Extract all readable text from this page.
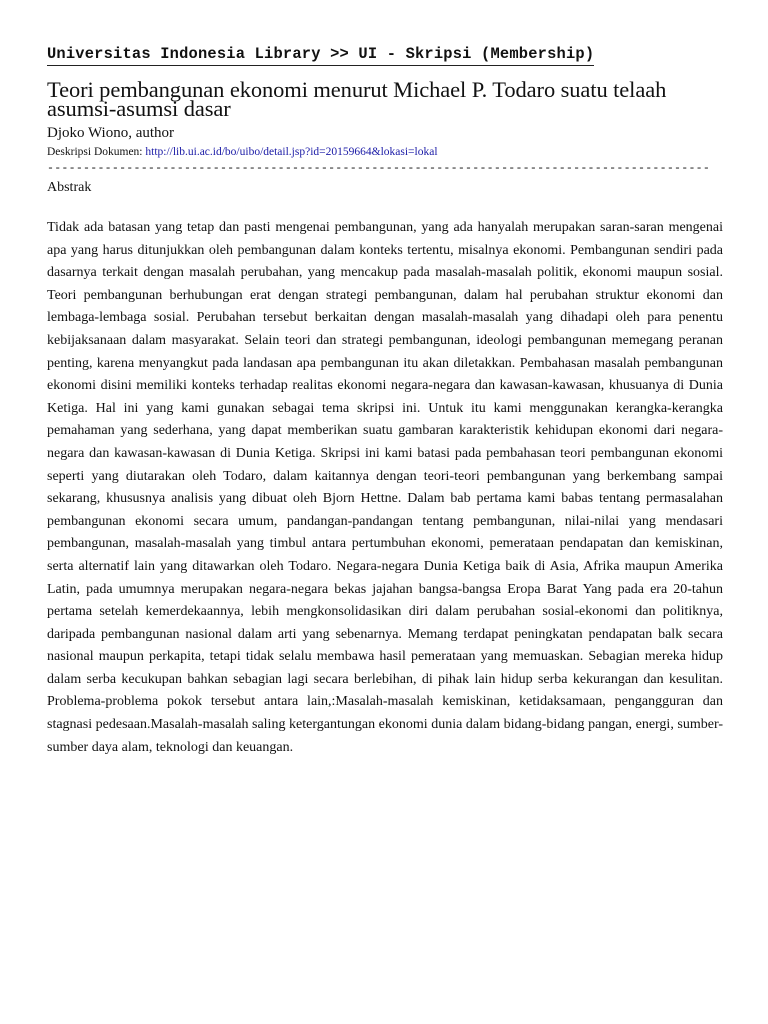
Universitas Indonesia Library >> UI - Skripsi (Membership)
Teori pembangunan ekonomi menurut Michael P. Todaro suatu telaah asumsi-asumsi dasar
Djoko Wiono, author
Deskripsi Dokumen: http://lib.ui.ac.id/bo/uibo/detail.jsp?id=20159664&lokasi=lokal
--------------------------------------------------------------------------------------------
Abstrak
Tidak ada batasan yang tetap dan pasti mengenai pembangunan, yang ada hanyalah merupakan saran-saran mengenai apa yang harus ditunjukkan oleh pembangunan dalam konteks tertentu, misalnya ekonomi. Pembangunan sendiri pada dasarnya terkait dengan masalah perubahan, yang mencakup pada masalah-masalah politik, ekonomi maupun sosial. Teori pembangunan berhubungan erat dengan strategi pembangunan, dalam hal perubahan struktur ekonomi dan lembaga-lembaga sosial. Perubahan tersebut berkaitan dengan masalah-masalah yang dihadapi oleh para penentu kebijaksanaan dalam masyarakat. Selain teori dan strategi pembangunan, ideologi pembangunan memegang peranan penting, karena menyangkut pada landasan apa pembangunan itu akan diletakkan. Pembahasan masalah pembangunan ekonomi disini memiliki konteks terhadap realitas ekonomi negara-negara dan kawasan-kawasan, khusuanya di Dunia Ketiga. Hal ini yang kami gunakan sebagai tema skripsi ini. Untuk itu kami menggunakan kerangka-kerangka pemahaman yang sederhana, yang dapat memberikan suatu gambaran karakteristik kehidupan ekonomi dari negara-negara dan kawasan-kawasan di Dunia Ketiga. Skripsi ini kami batasi pada pembahasan teori pembangunan ekonomi seperti yang diutarakan oleh Todaro, dalam kaitannya dengan teori-teori pembangunan yang berkembang sampai sekarang, khususnya analisis yang dibuat oleh Bjorn Hettne. Dalam bab pertama kami babas tentang permasalahan pembangunan ekonomi secara umum, pandangan-pandangan tentang pembangunan, nilai-nilai yang mendasari pembangunan, masalah-masalah yang timbul antara pertumbuhan ekonomi, pemerataan pendapatan dan kemiskinan, serta alternatif lain yang ditawarkan oleh Todaro. Negara-negara Dunia Ketiga baik di Asia, Afrika maupun Amerika Latin, pada umumnya merupakan negara-negara bekas jajahan bangsa-bangsa Eropa Barat Yang pada era 20-tahun pertama setelah kemerdekaannya, lebih mengkonsolidasikan diri dalam perubahan sosial-ekonomi dan politiknya, daripada pembangunan nasional dalam arti yang sebenarnya. Memang terdapat peningkatan pendapatan balk secara nasional maupun perkapita, tetapi tidak selalu membawa hasil pemerataan yang memuaskan. Sebagian mereka hidup dalam serba kecukupan bahkan sebagian lagi secara berlebihan, di pihak lain hidup serba kekurangan dan kesulitan. Problema-problema pokok tersebut antara lain,:Masalah-masalah kemiskinan, ketidaksamaan, pengangguran dan stagnasi pedesaan.Masalah-masalah saling ketergantungan ekonomi dunia dalam bidang-bidang pangan, energi, sumber-sumber daya alam, teknologi dan keuangan.
